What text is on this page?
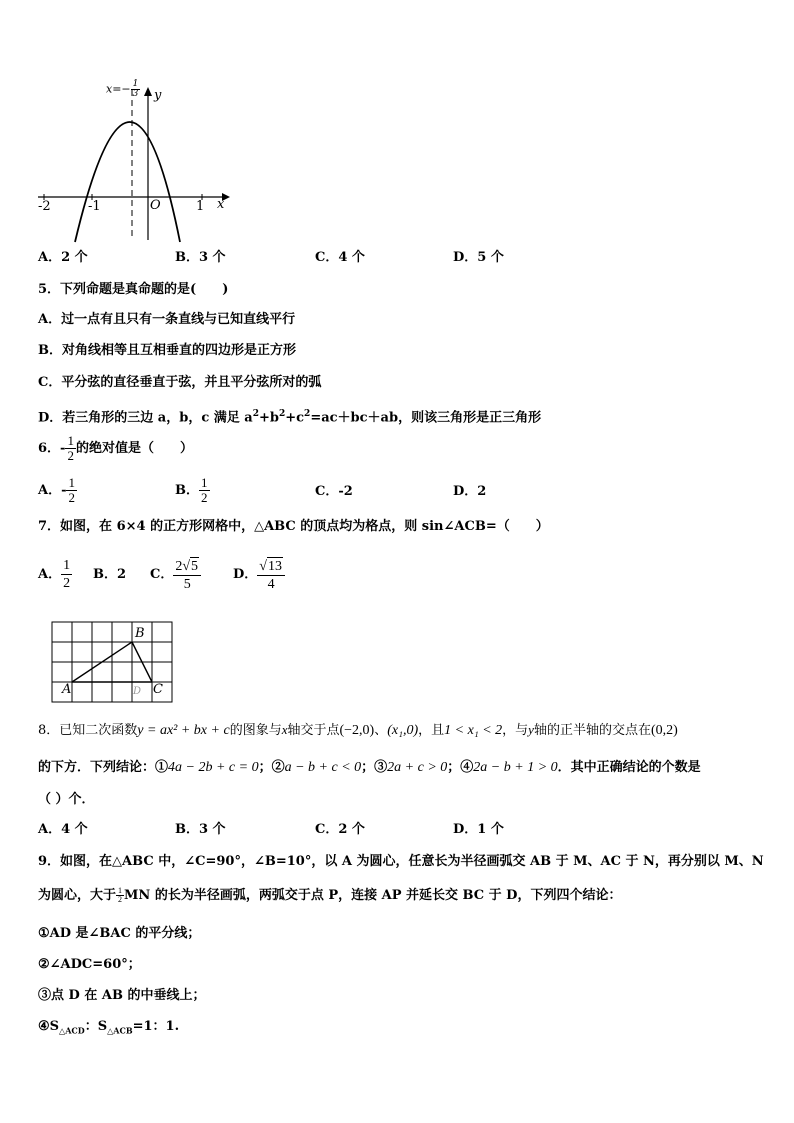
$x=- \frac{1}{3}$ y
x
O
-2	-1	1
A．2 个	B．3 个	C．4 个	D．5 个
5．下列命题是真命题的是(　　)
A．过一点有且只有一条直线与已知直线平行
B．对角线相等且互相垂直的四边形是正方形
C．平分弦的直径垂直于弦，并且平分弦所对的弧
D．若三角形的三边 a，b，c 满足 $a^2+b^2+c^2=ac+bc+ab$，则该三角形是正三角形
6．- $\frac{1}{2}$ 的绝对值是（　　）
A．- $\frac{1}{2}$	B． $\frac{1}{2}$	C．-2	D．2
7．如图，在 6×4 的正方形网格中，△ABC 的顶点均为格点，则 sin∠ACB=（　　）
A． $\frac{1}{2}$ B．2 C． $\frac{2√5}{5}$ D． $\frac{√13}{4}$
A
B
C
D
8．已知二次函数y = ax² + bx + c的图象与x轴交于点(−2,0)、(x₁,0)，且1 < x₁ < 2，与y轴的正半轴的交点在(0,2)
的下方．下列结论：①4a − 2b + c = 0；②a − b + c < 0；③2a + c > 0；④2a − b + 1 > 0．其中正确结论的个数是
（ ）个．
A．4 个	B．3 个	C．2 个	D．1 个
9．如图，在△ABC 中，∠C=90°，∠B=10°，以 A 为圆心，任意长为半径画弧交 AB 于 M、AC 于 N，再分别以 M、N
为圆心，大于 $\frac{1}{2}$ MN 的长为半径画弧，两弧交于点 P，连接 AP 并延长交 BC 于 D，下列四个结论：
①AD 是∠BAC 的平分线；
②∠ADC=60°；
③点 D 在 AB 的中垂线上；
$④S_{\triangle ACD}$：$S_{\triangle ACB}=1$：1.
